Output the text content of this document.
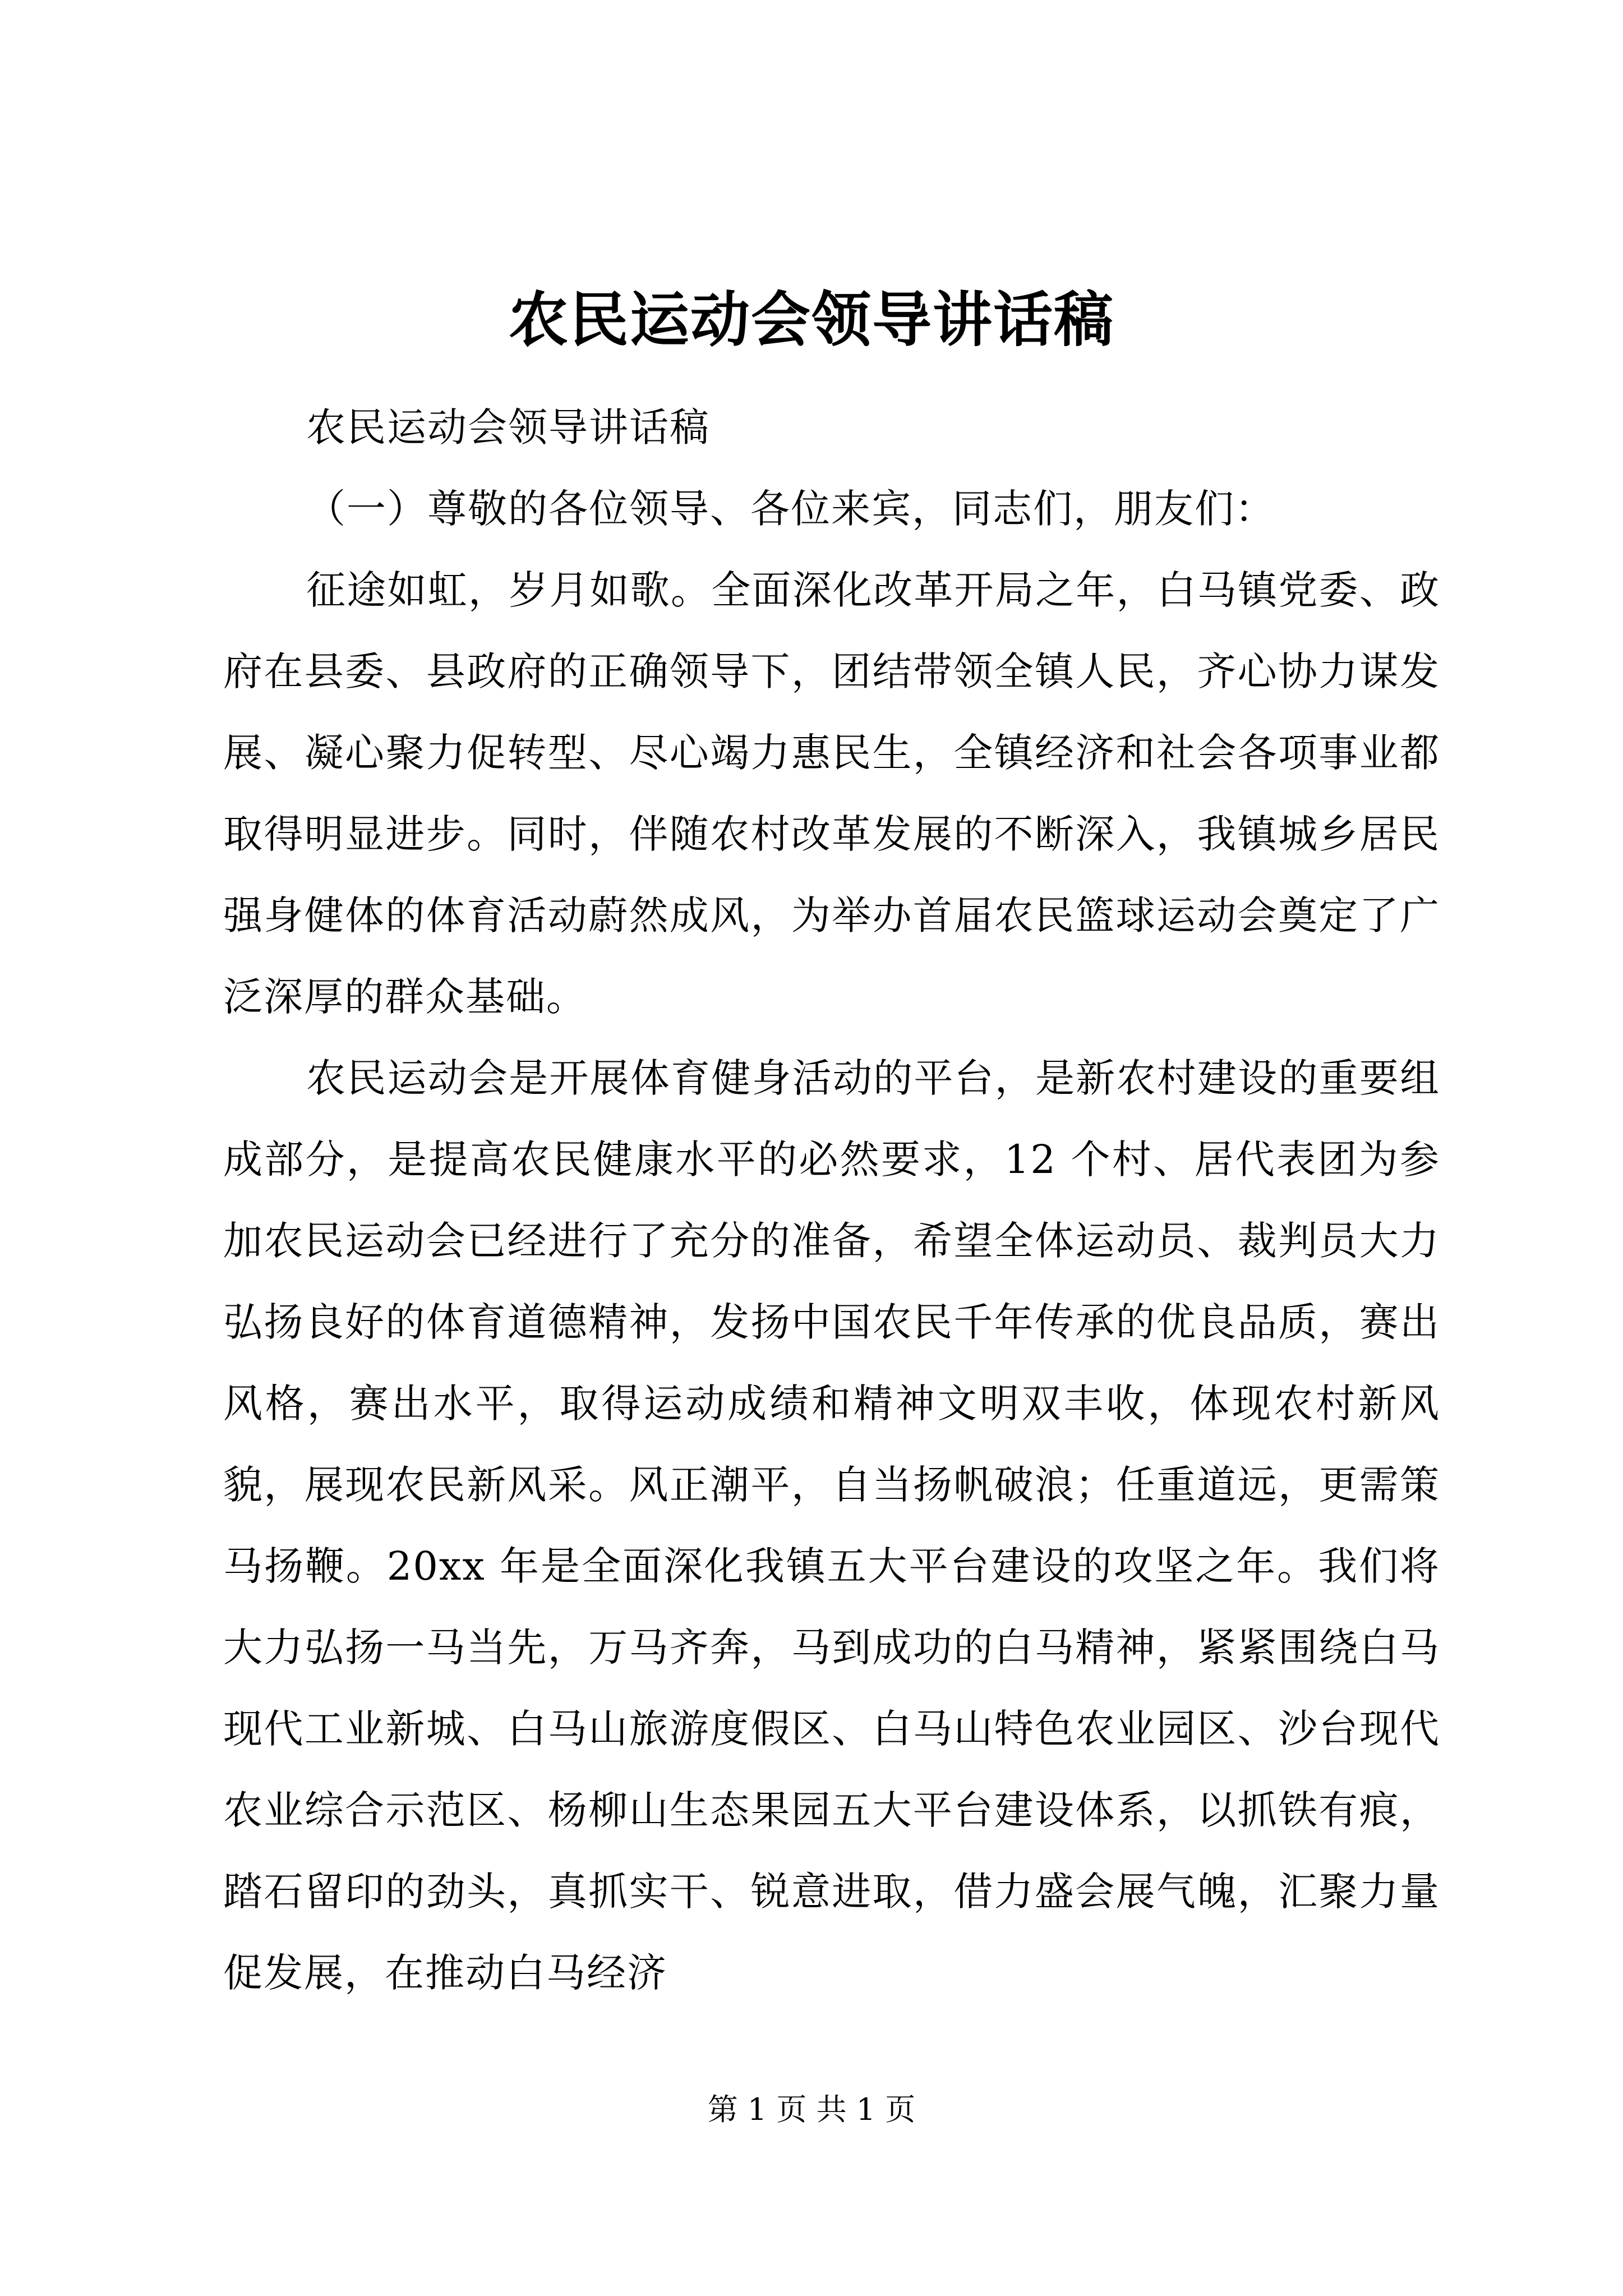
农民运动会领导讲话稿

农民运动会领导讲话稿

（一）尊敬的各位领导、各位来宾，同志们，朋友们：

征途如虹，岁月如歌。全面深化改革开局之年，白马镇党委、政府在县委、县政府的正确领导下，团结带领全镇人民，齐心协力谋发展、凝心聚力促转型、尽心竭力惠民生，全镇经济和社会各项事业都取得明显进步。同时，伴随农村改革发展的不断深入，我镇城乡居民强身健体的体育活动蔚然成风，为举办首届农民篮球运动会奠定了广泛深厚的群众基础。

农民运动会是开展体育健身活动的平台，是新农村建设的重要组成部分，是提高农民健康水平的必然要求，12 个村、居代表团为参加农民运动会已经进行了充分的准备，希望全体运动员、裁判员大力弘扬良好的体育道德精神，发扬中国农民千年传承的优良品质，赛出风格，赛出水平，取得运动成绩和精神文明双丰收，体现农村新风貌，展现农民新风采。风正潮平，自当扬帆破浪；任重道远，更需策马扬鞭。20xx 年是全面深化我镇五大平台建设的攻坚之年。我们将大力弘扬一马当先，万马齐奔，马到成功的白马精神，紧紧围绕白马现代工业新城、白马山旅游度假区、白马山特色农业园区、沙台现代农业综合示范区、杨柳山生态果园五大平台建设体系，以抓铁有痕，踏石留印的劲头，真抓实干、锐意进取，借力盛会展气魄，汇聚力量促发展，在推动白马经济

第 1 页 共 1 页
